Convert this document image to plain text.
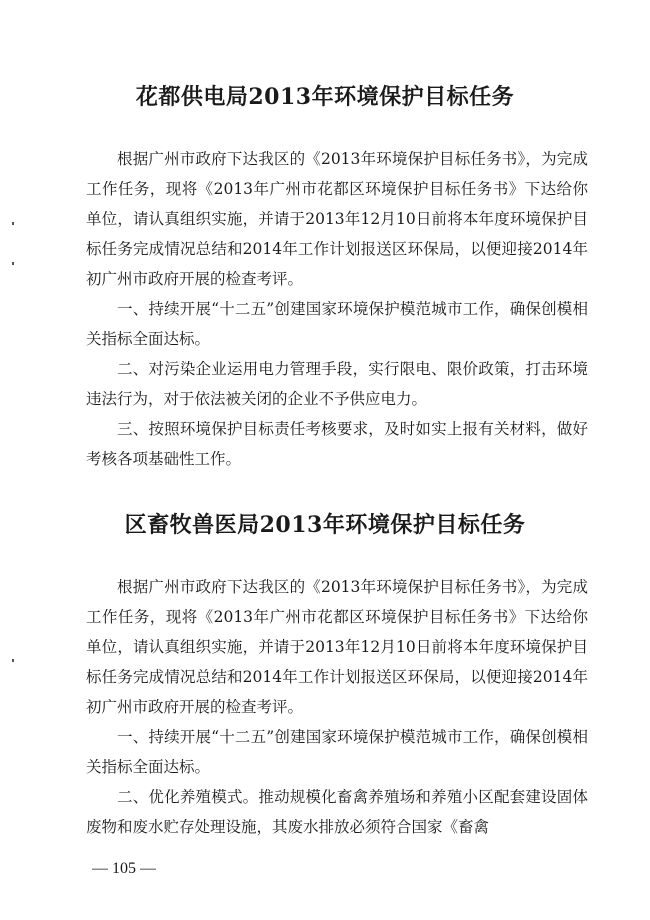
花都供电局2013年环境保护目标任务

根据广州市政府下达我区的《2013年环境保护目标任务书》，为完成工作任务，现将《2013年广州市花都区环境保护目标任务书》下达给你单位，请认真组织实施，并请于2013年12月10日前将本年度环境保护目标任务完成情况总结和2014年工作计划报送区环保局，以便迎接2014年初广州市政府开展的检查考评。

一、持续开展“十二五”创建国家环境保护模范城市工作，确保创模相关指标全面达标。

二、对污染企业运用电力管理手段，实行限电、限价政策，打击环境违法行为，对于依法被关闭的企业不予供应电力。

三、按照环境保护目标责任考核要求，及时如实上报有关材料，做好考核各项基础性工作。

区畜牧兽医局2013年环境保护目标任务

根据广州市政府下达我区的《2013年环境保护目标任务书》，为完成工作任务，现将《2013年广州市花都区环境保护目标任务书》下达给你单位，请认真组织实施，并请于2013年12月10日前将本年度环境保护目标任务完成情况总结和2014年工作计划报送区环保局，以便迎接2014年初广州市政府开展的检查考评。

一、持续开展“十二五”创建国家环境保护模范城市工作，确保创模相关指标全面达标。

二、优化养殖模式。推动规模化畜禽养殖场和养殖小区配套建设固体废物和废水贮存处理设施，其废水排放必须符合国家《畜禽

— 105 —
